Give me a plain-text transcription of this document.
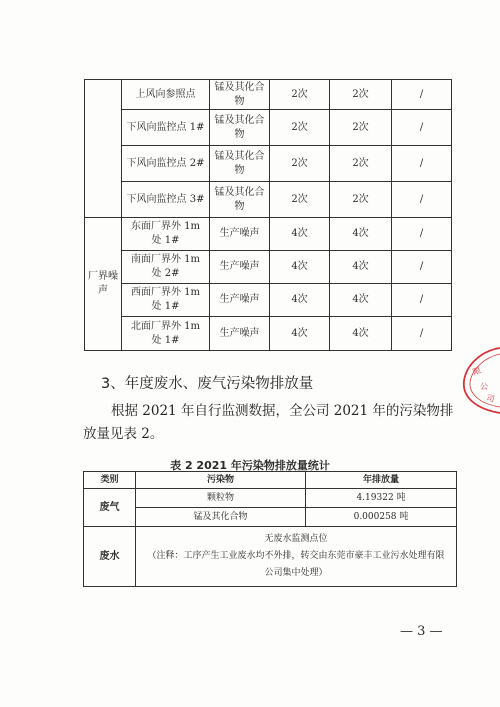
	上风向参照点	锰及其化合物	2次	2次	/
	下风向监控点 1#	锰及其化合物	2次	2次	/
	下风向监控点 2#	锰及其化合物	2次	2次	/
	下风向监控点 3#	锰及其化合物	2次	2次	/
厂界噪声	东面厂界外 1m 处 1#	生产噪声	4次	4次	/
	南面厂界外 1m 处 2#	生产噪声	4次	4次	/
	西面厂界外 1m 处 1#	生产噪声	4次	4次	/
	北面厂界外 1m 处 1#	生产噪声	4次	4次	/
3、年度废水、废气污染物排放量

根据 2021 年自行监测数据，全公司 2021 年的污染物排放量见表 2。

表 2 2021 年污染物排放量统计

类别	污染物	年排放量
废气	颗粒物	4.19322 吨
	锰及其化合物	0.000258 吨
废水	无废水监测点位
（注释：工序产生工业废水均不外排，转交由东莞市豪丰工业污水处理有限公司集中处理）	

— 3 —

限
公
司
